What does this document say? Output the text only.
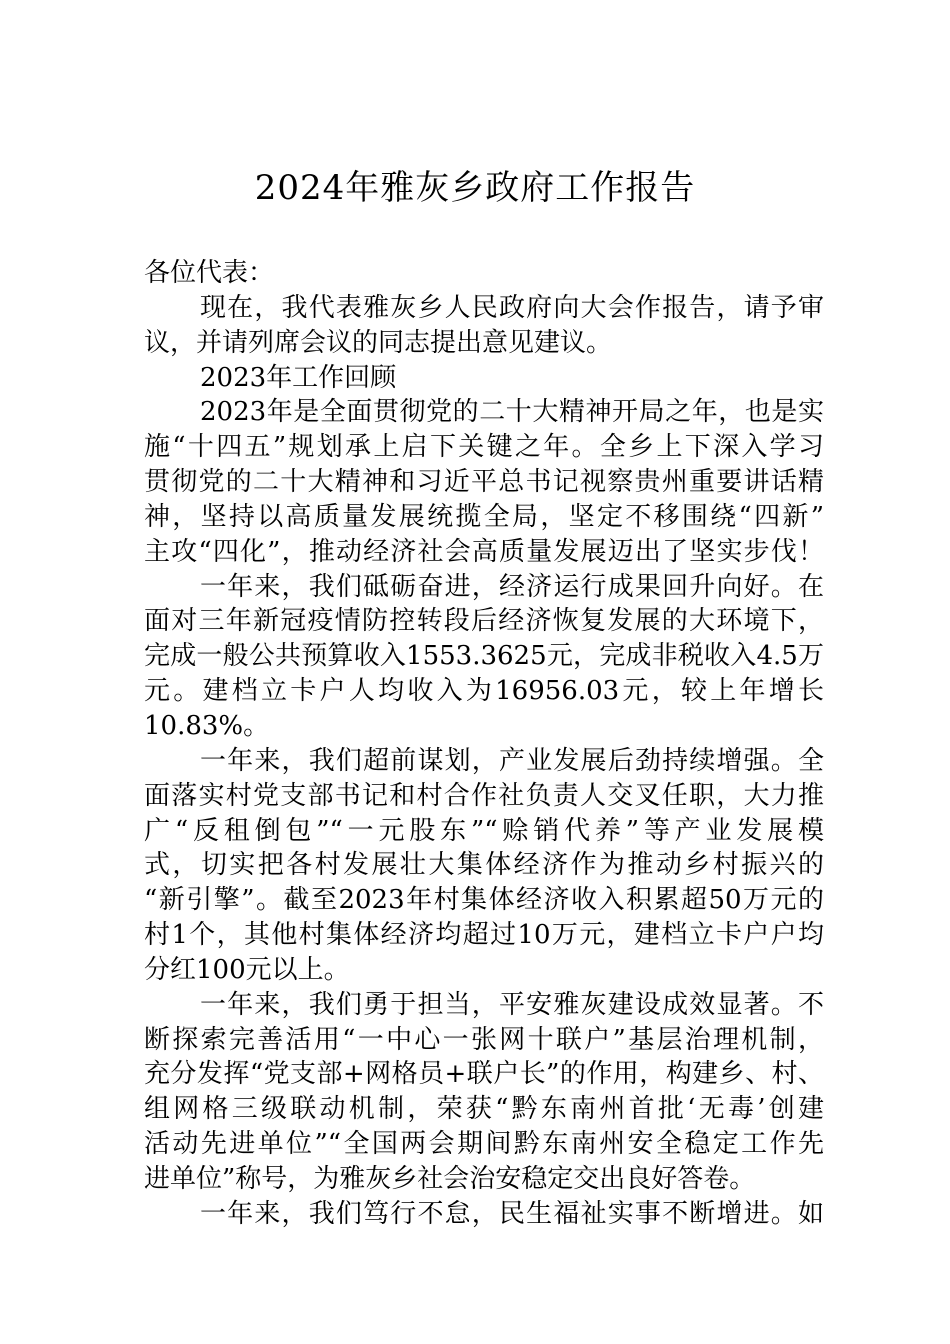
2024年雅灰乡政府工作报告
各位代表：
现在，我代表雅灰乡人民政府向大会作报告，请予审
议，并请列席会议的同志提出意见建议。
2023年工作回顾
2023年是全面贯彻党的二十大精神开局之年，也是实
施“十四五”规划承上启下关键之年。全乡上下深入学习
贯彻党的二十大精神和习近平总书记视察贵州重要讲话精
神，坚持以高质量发展统揽全局，坚定不移围绕“四新”
主攻“四化”，推动经济社会高质量发展迈出了坚实步伐！
一年来，我们砥砺奋进，经济运行成果回升向好。在
面对三年新冠疫情防控转段后经济恢复发展的大环境下，
完成一般公共预算收入1553.3625元，完成非税收入4.5万
元。建档立卡户人均收入为16956.03元，较上年增长
10.83%。
一年来，我们超前谋划，产业发展后劲持续增强。全
面落实村党支部书记和村合作社负责人交叉任职，大力推
广“反租倒包”“一元股东”“赊销代养”等产业发展模
式，切实把各村发展壮大集体经济作为推动乡村振兴的
“新引擎”。截至2023年村集体经济收入积累超50万元的
村1个，其他村集体经济均超过10万元，建档立卡户户均
分红100元以上。
一年来，我们勇于担当，平安雅灰建设成效显著。不
断探索完善活用“一中心一张网十联户”基层治理机制，
充分发挥“党支部+网格员+联户长”的作用，构建乡、村、
组网格三级联动机制，荣获“黔东南州首批‘无毒’创建
活动先进单位”“全国两会期间黔东南州安全稳定工作先
进单位”称号，为雅灰乡社会治安稳定交出良好答卷。
一年来，我们笃行不怠，民生福祉实事不断增进。如
